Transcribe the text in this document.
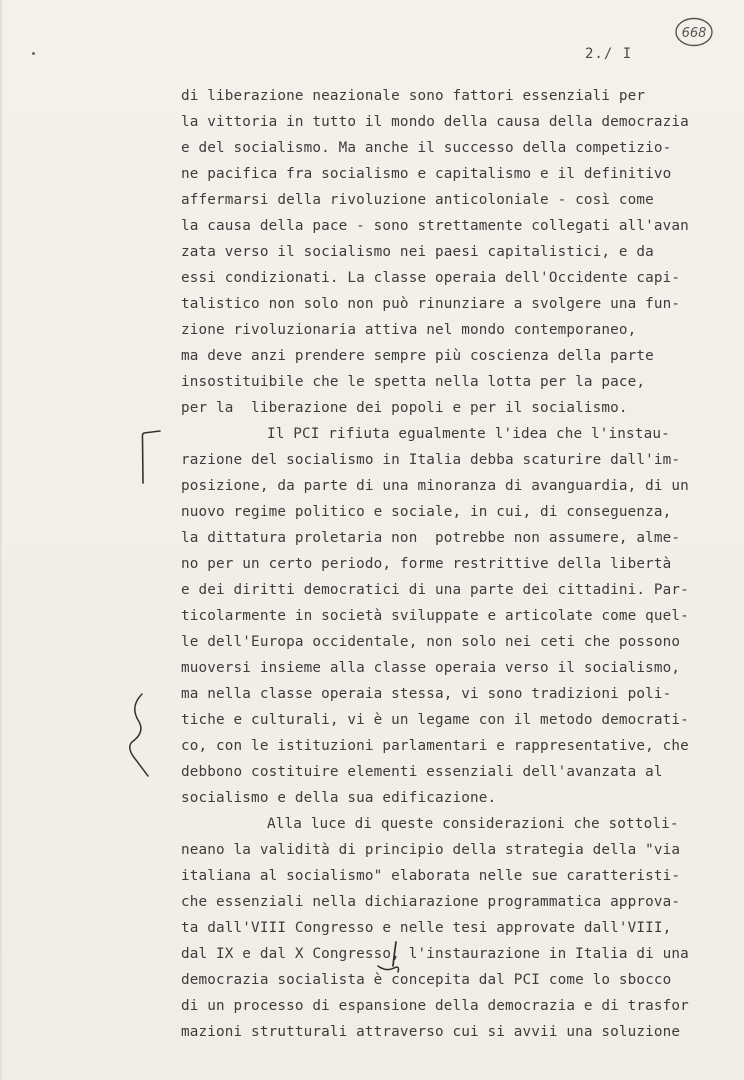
668
2./ I
di liberazione neazionale sono fattori essenziali per
la vittoria in tutto il mondo della causa della democrazia
e del socialismo. Ma anche il successo della competizio-
ne pacifica fra socialismo e capitalismo e il definitivo
affermarsi della rivoluzione anticoloniale - così come
la causa della pace - sono strettamente collegati all'avan
zata verso il socialismo nei paesi capitalistici, e da
essi condizionati. La classe operaia dell'Occidente capi-
talistico non solo non può rinunziare a svolgere una fun-
zione rivoluzionaria attiva nel mondo contemporaneo,
ma deve anzi prendere sempre più coscienza della parte
insostituibile che le spetta nella lotta per la pace,
per la  liberazione dei popoli e per il socialismo.
Il PCI rifiuta egualmente l'idea che l'instau-
razione del socialismo in Italia debba scaturire dall'im-
posizione, da parte di una minoranza di avanguardia, di un
nuovo regime politico e sociale, in cui, di conseguenza,
la dittatura proletaria non  potrebbe non assumere, almе-
no per un certo periodo, forme restrittive della libertà
e dei diritti democratici di una parte dei cittadini. Par-
ticolarmente in società sviluppate e articolate come quel-
le dell'Europa occidentale, non solo nei ceti che possono
muoversi insieme alla classe operaia verso il socialismo,
ma nella classe operaia stessa, vi sono tradizioni poli-
tiche e culturali, vi è un legame con il metodo democrati-
co, con le istituzioni parlamentari e rappresentative, che
debbono costituire elementi essenziali dell'avanzata al
socialismo e della sua edificazione.
Alla luce di queste considerazioni che sottoli-
neano la validità di principio della strategia della "via
italiana al socialismo" elaborata nelle sue caratteristi-
che essenziali nella dichiarazione programmatica approva-
ta dall'VIII Congresso e nelle tesi approvate dall'VIII,
dal IX e dal X Congresso, l'instaurazione in Italia di una
democrazia socialista è concepita dal PCI come lo sbocco
di un processo di espansione della democrazia e di trasfor
mazioni strutturali attraverso cui si avvii una soluzione
